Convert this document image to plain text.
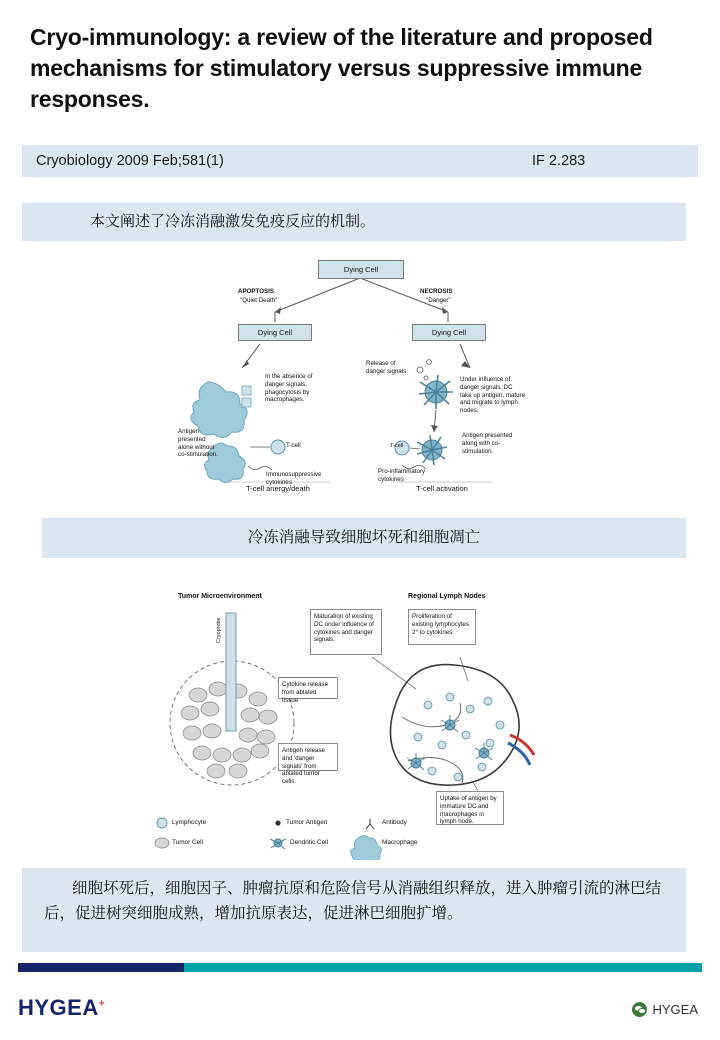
Cryo-immunology: a review of the literature and proposed mechanisms for stimulatory versus suppressive immune responses.
Cryobiology 2009 Feb;581(1)	IF 2.283
本文阐述了冷冻消融激发免疫反应的机制。
Dying Cell
APOPTOSIS
"Quiet Death"
NECROSIS
"Danger"
Dying Cell	Dying Cell
In the absence of danger signals, phagocytosis by macrophages.
Antigen presented alone without co-stimulation.
Immunosuppressive cytokines
T-cell
T-cell anergy/death
Release of danger signals
Under influence of danger signals, DC take up antigen, mature and migrate to lymph nodes.
Antigen presented along with co-stimulation.
Pro-inflammatory cytokines
T-cell
T-cell activation
冷冻消融导致细胞坏死和细胞凋亡
Tumor Microenvironment	Regional Lymph Nodes
Cryoprobe
Cytokine release from ablated tissue
Antigen release and 'danger signals' from ablated tumor cells.
Maturation of existing DC under influence of cytokines and danger signals.
Proliferation of existing lymphocytes 2° to cytokines.
Uptake of antigen by immature DC and macrophages in lymph node.
Lymphocyte	Tumor Antigen	Antibody
Tumor Cell	Dendritic Cell	Macrophage
细胞坏死后，细胞因子、肿瘤抗原和危险信号从消融组织释放，进入肿瘤引流的淋巴结后，促进树突细胞成熟，增加抗原表达，促进淋巴细胞扩增。
HYGEA+	HYGEA
